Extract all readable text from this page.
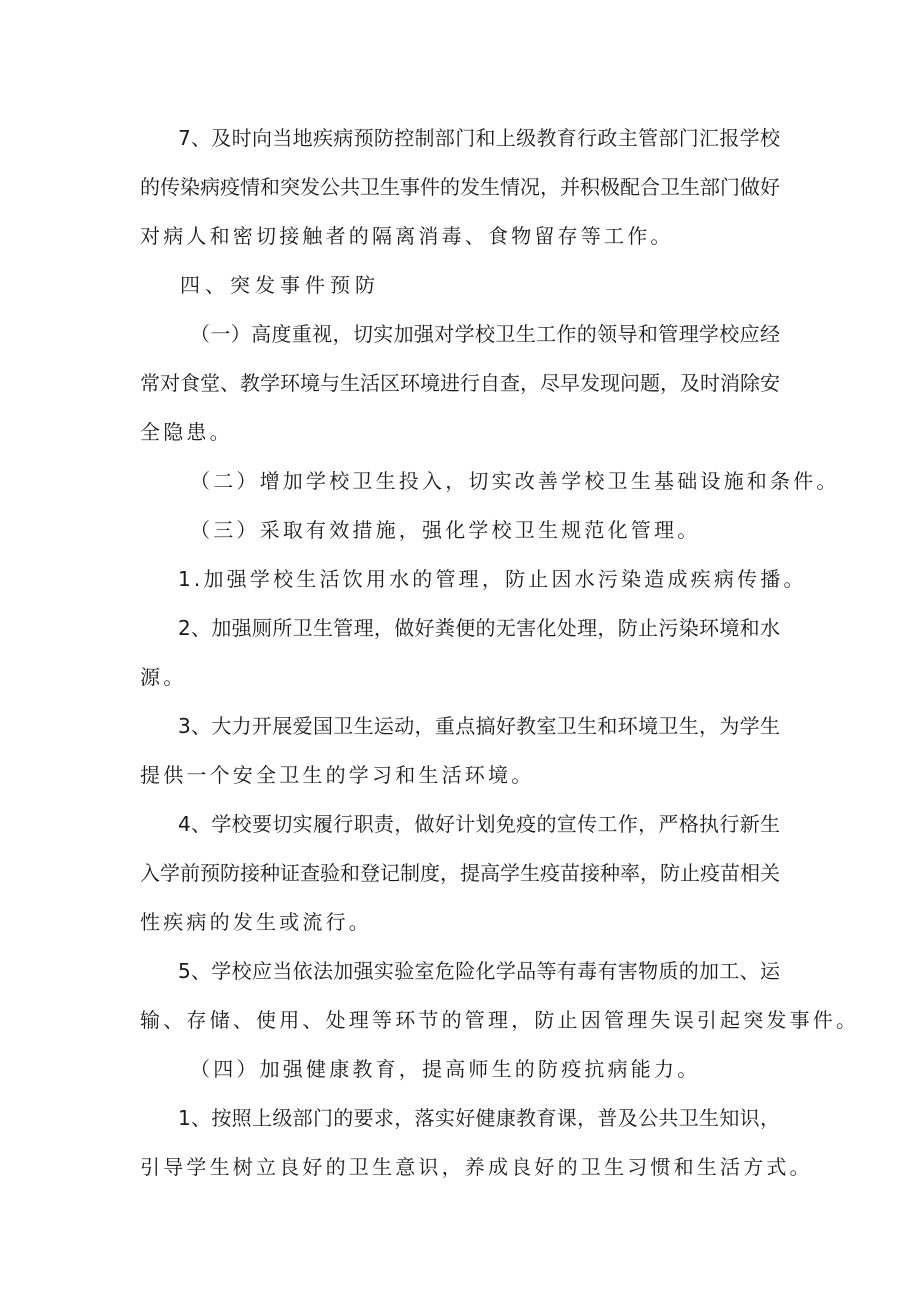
7、及时向当地疾病预防控制部门和上级教育行政主管部门汇报学校
的传染病疫情和突发公共卫生事件的发生情况，并积极配合卫生部门做好
对病人和密切接触者的隔离消毒、食物留存等工作。
四、突发事件预防
（一）高度重视，切实加强对学校卫生工作的领导和管理学校应经
常对食堂、教学环境与生活区环境进行自查，尽早发现问题，及时消除安
全隐患。
（二）增加学校卫生投入，切实改善学校卫生基础设施和条件。
（三）采取有效措施，强化学校卫生规范化管理。
1.加强学校生活饮用水的管理，防止因水污染造成疾病传播。
2、加强厕所卫生管理，做好粪便的无害化处理，防止污染环境和水
源。
3、大力开展爱国卫生运动，重点搞好教室卫生和环境卫生，为学生
提供一个安全卫生的学习和生活环境。
4、学校要切实履行职责，做好计划免疫的宣传工作，严格执行新生
入学前预防接种证查验和登记制度，提高学生疫苗接种率，防止疫苗相关
性疾病的发生或流行。
5、学校应当依法加强实验室危险化学品等有毒有害物质的加工、运
输、存储、使用、处理等环节的管理，防止因管理失误引起突发事件。
（四）加强健康教育，提高师生的防疫抗病能力。
1、按照上级部门的要求，落实好健康教育课，普及公共卫生知识，
引导学生树立良好的卫生意识，养成良好的卫生习惯和生活方式。
